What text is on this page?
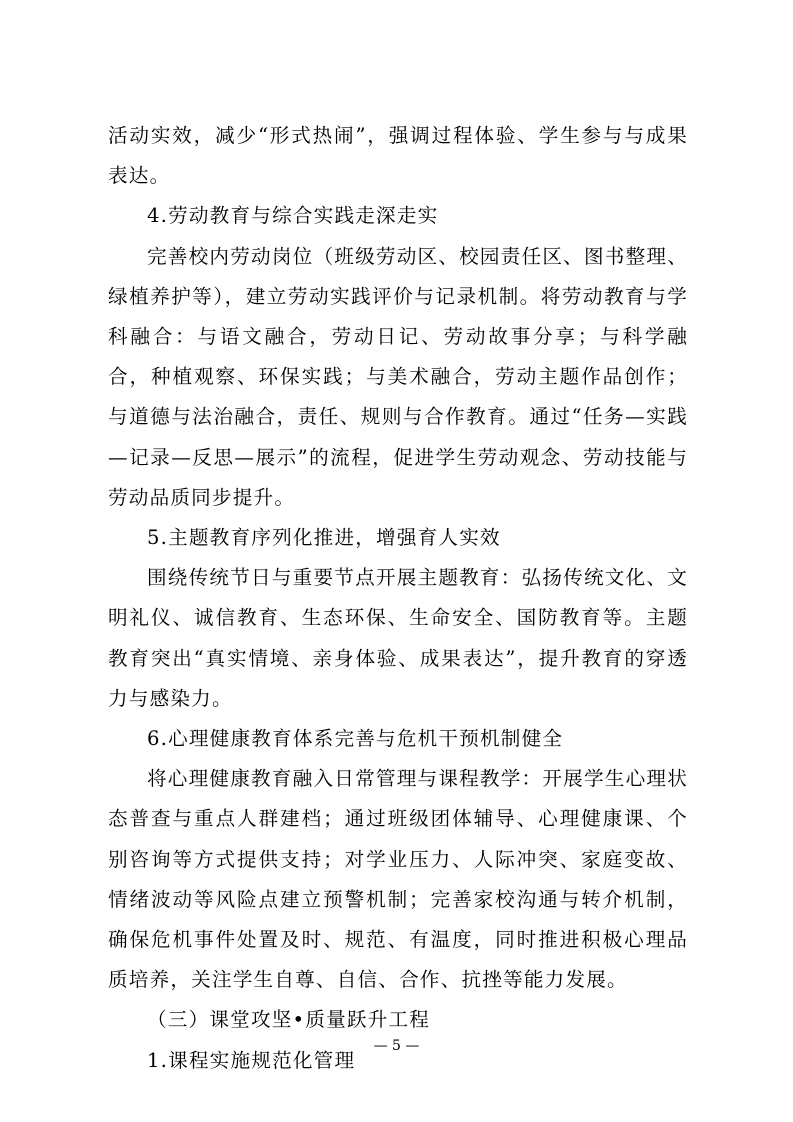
活动实效，减少“形式热闹”，强调过程体验、学生参与与成果表达。

4.劳动教育与综合实践走深走实

完善校内劳动岗位（班级劳动区、校园责任区、图书整理、绿植养护等），建立劳动实践评价与记录机制。将劳动教育与学科融合：与语文融合，劳动日记、劳动故事分享；与科学融合，种植观察、环保实践；与美术融合，劳动主题作品创作；与道德与法治融合，责任、规则与合作教育。通过“任务—实践—记录—反思—展示”的流程，促进学生劳动观念、劳动技能与劳动品质同步提升。

5.主题教育序列化推进，增强育人实效

围绕传统节日与重要节点开展主题教育：弘扬传统文化、文明礼仪、诚信教育、生态环保、生命安全、国防教育等。主题教育突出“真实情境、亲身体验、成果表达”，提升教育的穿透力与感染力。

6.心理健康教育体系完善与危机干预机制健全

将心理健康教育融入日常管理与课程教学：开展学生心理状态普查与重点人群建档；通过班级团体辅导、心理健康课、个别咨询等方式提供支持；对学业压力、人际冲突、家庭变故、情绪波动等风险点建立预警机制；完善家校沟通与转介机制，确保危机事件处置及时、规范、有温度，同时推进积极心理品质培养，关注学生自尊、自信、合作、抗挫等能力发展。

（三）课堂攻坚•质量跃升工程

1.课程实施规范化管理

— 5 —
